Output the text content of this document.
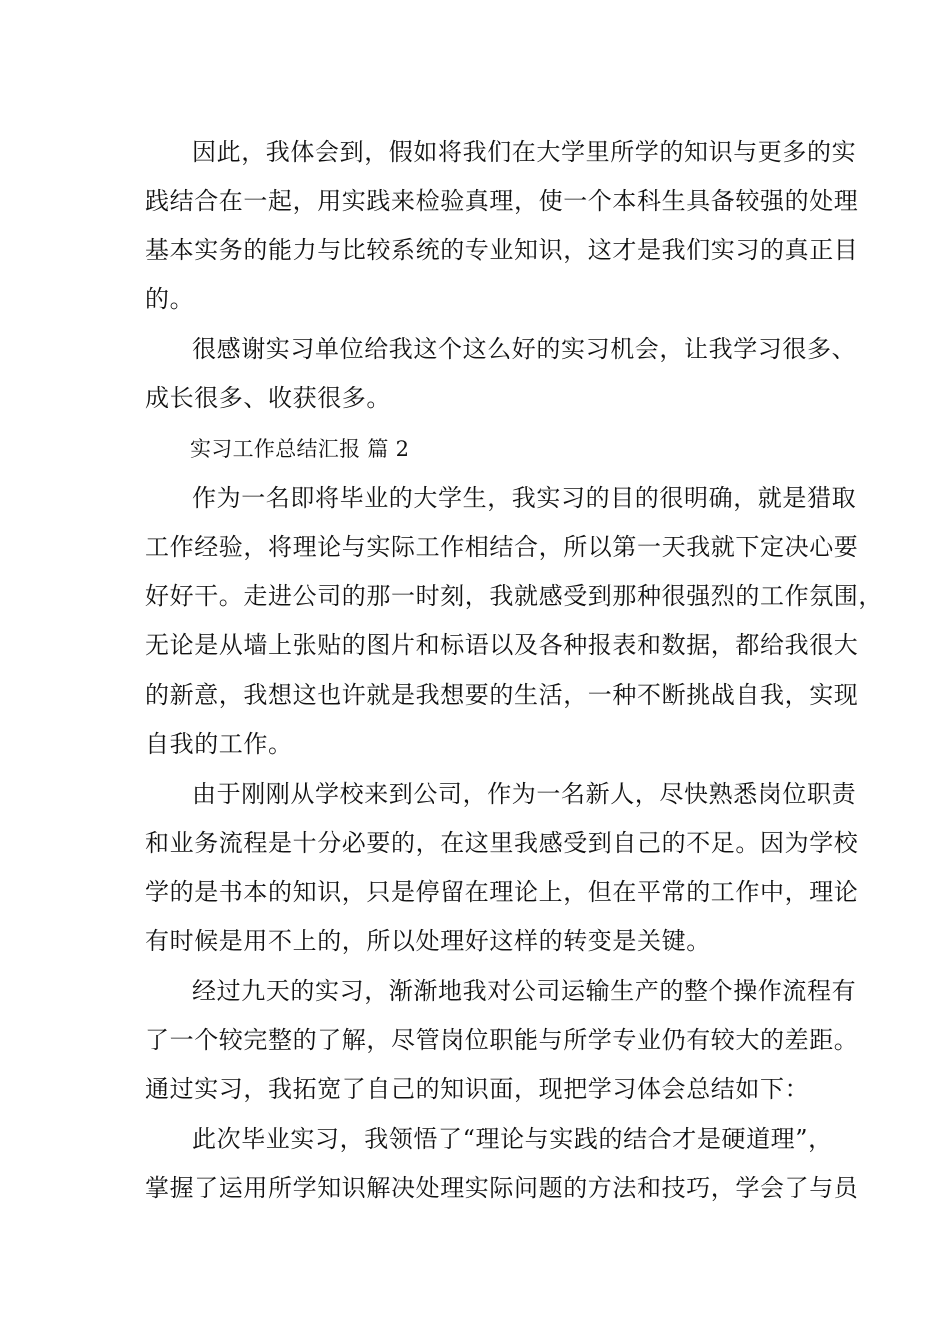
因此，我体会到，假如将我们在大学里所学的知识与更多的实
践结合在一起，用实践来检验真理，使一个本科生具备较强的处理
基本实务的能力与比较系统的专业知识，这才是我们实习的真正目
的。
很感谢实习单位给我这个这么好的实习机会，让我学习很多、
成长很多、收获很多。
实习工作总结汇报 篇 2
作为一名即将毕业的大学生，我实习的目的很明确，就是猎取
工作经验，将理论与实际工作相结合，所以第一天我就下定决心要
好好干。走进公司的那一时刻，我就感受到那种很强烈的工作氛围，
无论是从墙上张贴的图片和标语以及各种报表和数据，都给我很大
的新意，我想这也许就是我想要的生活，一种不断挑战自我，实现
自我的工作。
由于刚刚从学校来到公司，作为一名新人，尽快熟悉岗位职责
和业务流程是十分必要的，在这里我感受到自己的不足。因为学校
学的是书本的知识，只是停留在理论上，但在平常的工作中，理论
有时候是用不上的，所以处理好这样的转变是关键。
经过九天的实习，渐渐地我对公司运输生产的整个操作流程有
了一个较完整的了解，尽管岗位职能与所学专业仍有较大的差距。
通过实习，我拓宽了自己的知识面，现把学习体会总结如下：
此次毕业实习，我领悟了“理论与实践的结合才是硬道理”，
掌握了运用所学知识解决处理实际问题的方法和技巧，学会了与员
